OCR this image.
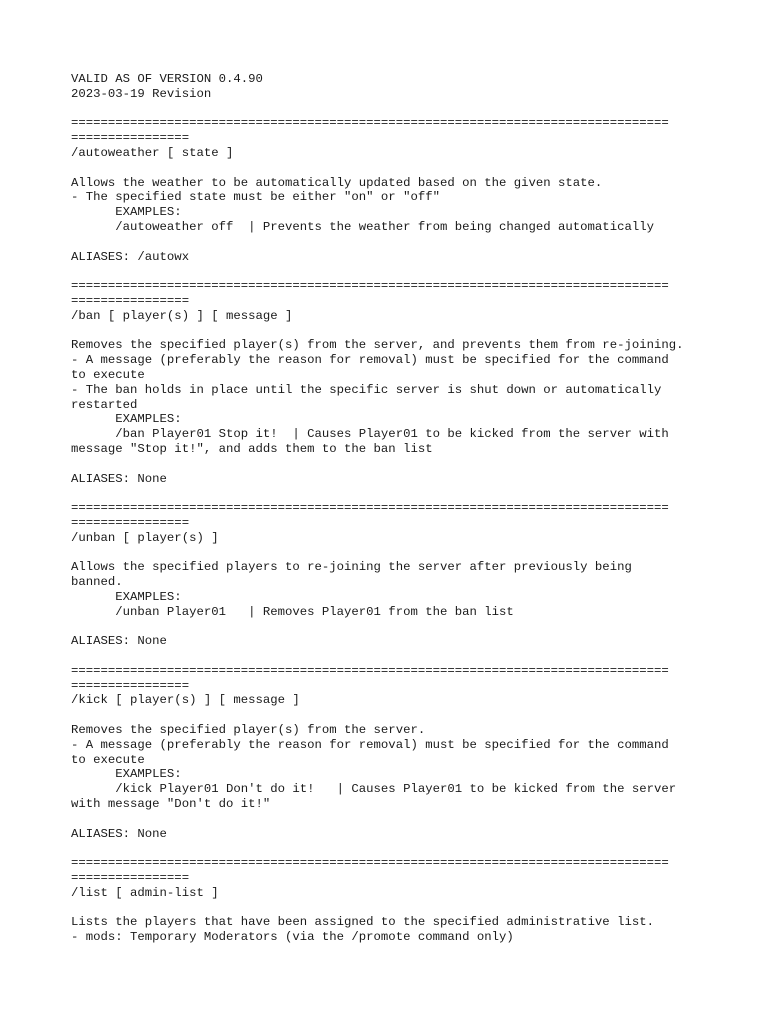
VALID AS OF VERSION 0.4.90
2023-03-19 Revision

=================================================================================
================
/autoweather [ state ]

Allows the weather to be automatically updated based on the given state.
- The specified state must be either "on" or "off"
EXAMPLES:
/autoweather off  | Prevents the weather from being changed automatically

ALIASES: /autowx

=================================================================================
================
/ban [ player(s) ] [ message ]

Removes the specified player(s) from the server, and prevents them from re-joining.
- A message (preferably the reason for removal) must be specified for the command
to execute
- The ban holds in place until the specific server is shut down or automatically
restarted
EXAMPLES:
/ban Player01 Stop it!  | Causes Player01 to be kicked from the server with
message "Stop it!", and adds them to the ban list

ALIASES: None

=================================================================================
================
/unban [ player(s) ]

Allows the specified players to re-joining the server after previously being
banned.
EXAMPLES:
/unban Player01   | Removes Player01 from the ban list

ALIASES: None

=================================================================================
================
/kick [ player(s) ] [ message ]

Removes the specified player(s) from the server.
- A message (preferably the reason for removal) must be specified for the command
to execute
EXAMPLES:
/kick Player01 Don't do it!   | Causes Player01 to be kicked from the server
with message "Don't do it!"

ALIASES: None

=================================================================================
================
/list [ admin-list ]

Lists the players that have been assigned to the specified administrative list.
- mods: Temporary Moderators (via the /promote command only)
